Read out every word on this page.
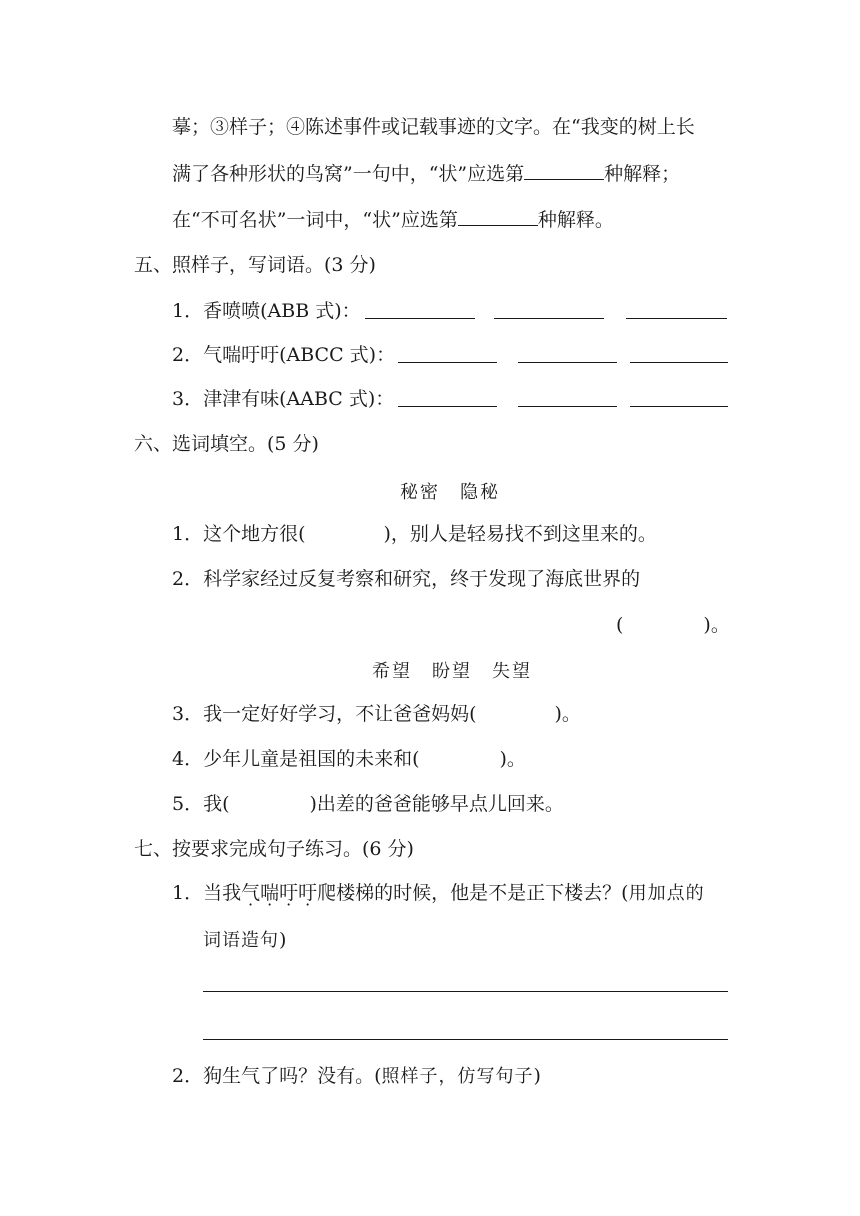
摹；③样子；④陈述事件或记载事迹的文字。在“我变的树上长
满了各种形状的鸟窝”一句中，“状”应选第	种解释；
在“不可名状”一词中，“状”应选第	种解释。
五、照样子，写词语。(3 分)
1．香喷喷(ABB 式)：
2．气喘吁吁(ABCC 式)：
3．津津有味(AABC 式)：
六、选词填空。(5 分)
秘密　隐秘
1．这个地方很(	)，别人是轻易找不到这里来的。
2．科学家经过反复考察和研究，终于发现了海底世界的
(	)。
希望　盼望　失望
3．我一定好好学习，不让爸爸妈妈(	)。
4．少年儿童是祖国的未来和(	)。
5．我(	)出差的爸爸能够早点儿回来。
七、按要求完成句子练习。(6 分)
1．当我气喘吁吁爬楼梯的时候，他是不是正下楼去？(用加点的
词语造句)
2．狗生气了吗？没有。(照样子，仿写句子)
